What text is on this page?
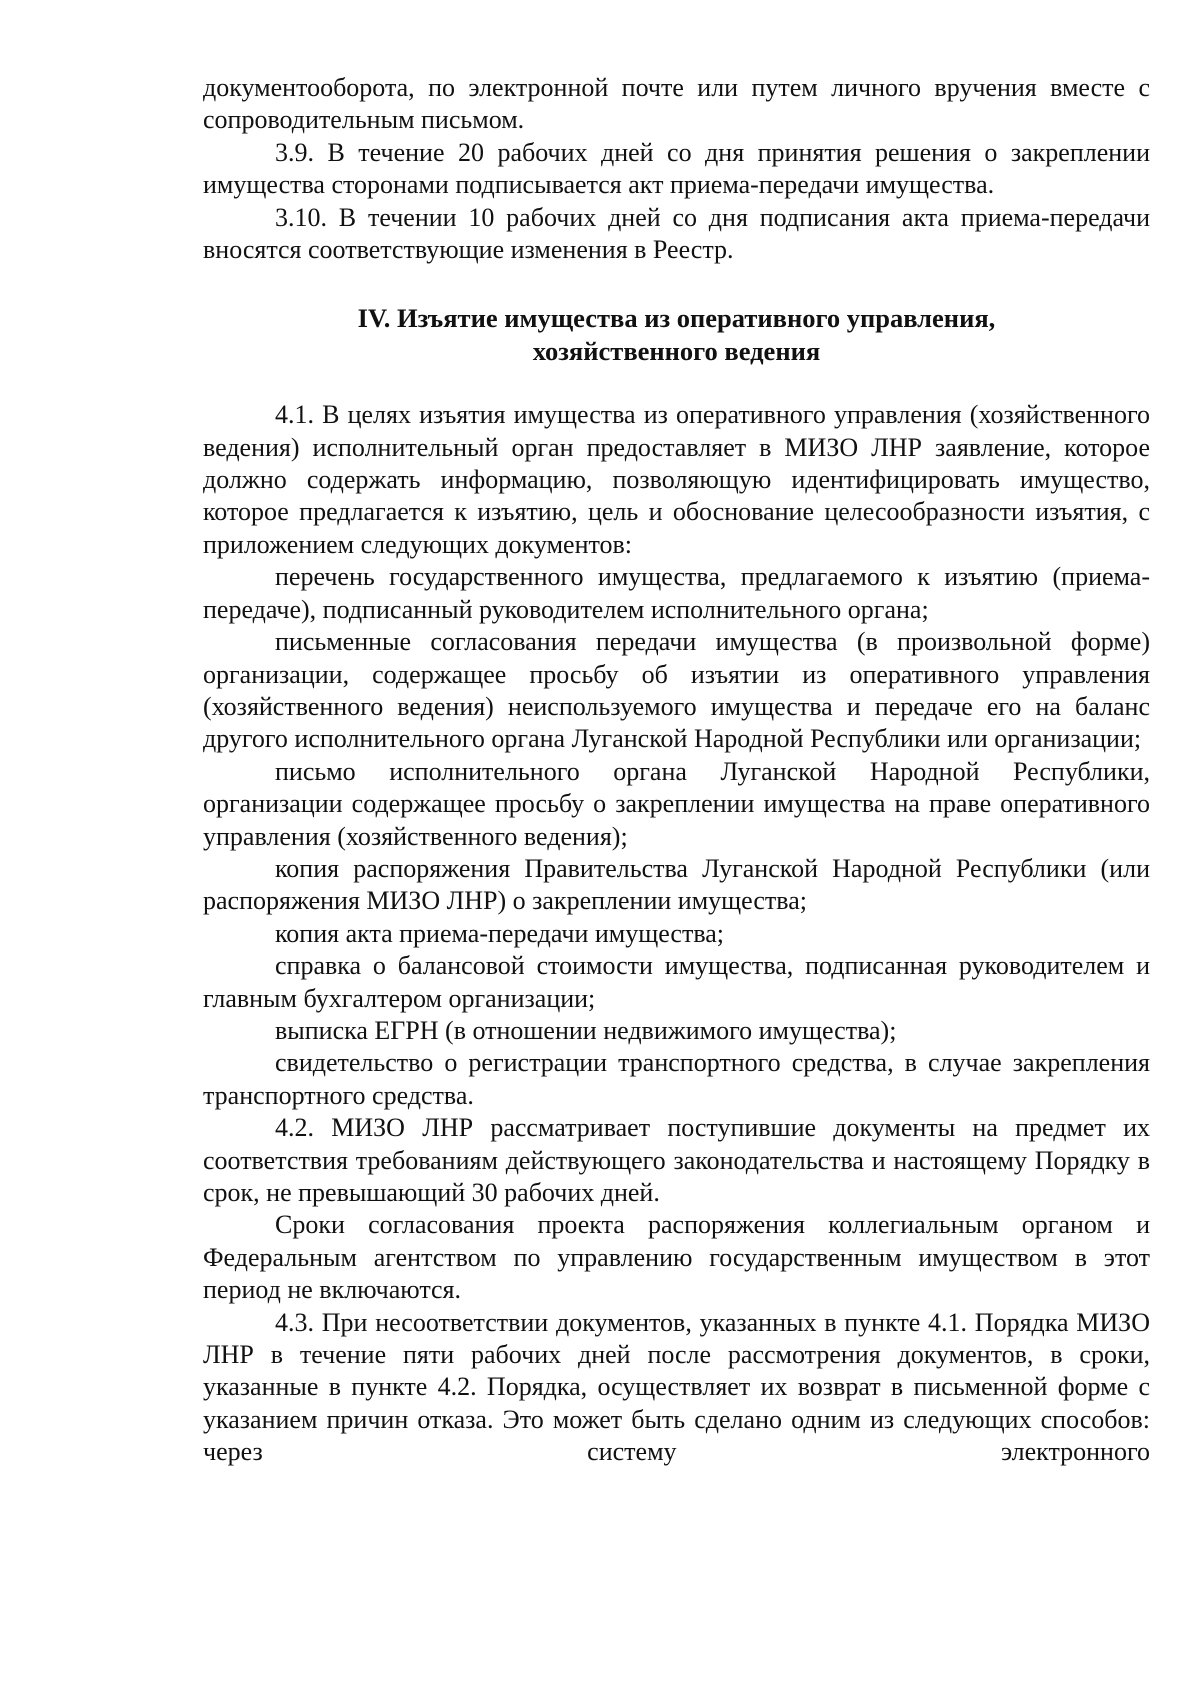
документооборота, по электронной почте или путем личного вручения вместе с сопроводительным письмом.

3.9. В течение 20 рабочих дней со дня принятия решения о закреплении имущества сторонами подписывается акт приема-передачи имущества.

3.10. В течении 10 рабочих дней со дня подписания акта приема-передачи вносятся соответствующие изменения в Реестр.

IV. Изъятие имущества из оперативного управления,
хозяйственного ведения

4.1. В целях изъятия имущества из оперативного управления (хозяйственного ведения) исполнительный орган предоставляет в МИЗО ЛНР заявление, которое должно содержать информацию, позволяющую идентифицировать имущество, которое предлагается к изъятию, цель и обоснование целесообразности изъятия, с приложением следующих документов:

перечень государственного имущества, предлагаемого к изъятию (приема-передаче), подписанный руководителем исполнительного органа;

письменные согласования передачи имущества (в произвольной форме) организации, содержащее просьбу об изъятии из оперативного управления (хозяйственного ведения) неиспользуемого имущества и передаче его на баланс другого исполнительного органа Луганской Народной Республики или организации;

письмо исполнительного органа Луганской Народной Республики, организации содержащее просьбу о закреплении имущества на праве оперативного управления (хозяйственного ведения);

копия распоряжения Правительства Луганской Народной Республики (или распоряжения МИЗО ЛНР) о закреплении имущества;

копия акта приема-передачи имущества;

справка о балансовой стоимости имущества, подписанная руководителем и главным бухгалтером организации;

выписка ЕГРН (в отношении недвижимого имущества);

свидетельство о регистрации транспортного средства, в случае закрепления транспортного средства.

4.2. МИЗО ЛНР рассматривает поступившие документы на предмет их соответствия требованиям действующего законодательства и настоящему Порядку в срок, не превышающий 30 рабочих дней.

Сроки согласования проекта распоряжения коллегиальным органом и Федеральным агентством по управлению государственным имуществом в этот период не включаются.

4.3. При несоответствии документов, указанных в пункте 4.1. Порядка МИЗО ЛНР в течение пяти рабочих дней после рассмотрения документов, в сроки, указанные в пункте 4.2. Порядка, осуществляет их возврат в письменной форме с указанием причин отказа. Это может быть сделано одним из следующих способов: через систему электронного
